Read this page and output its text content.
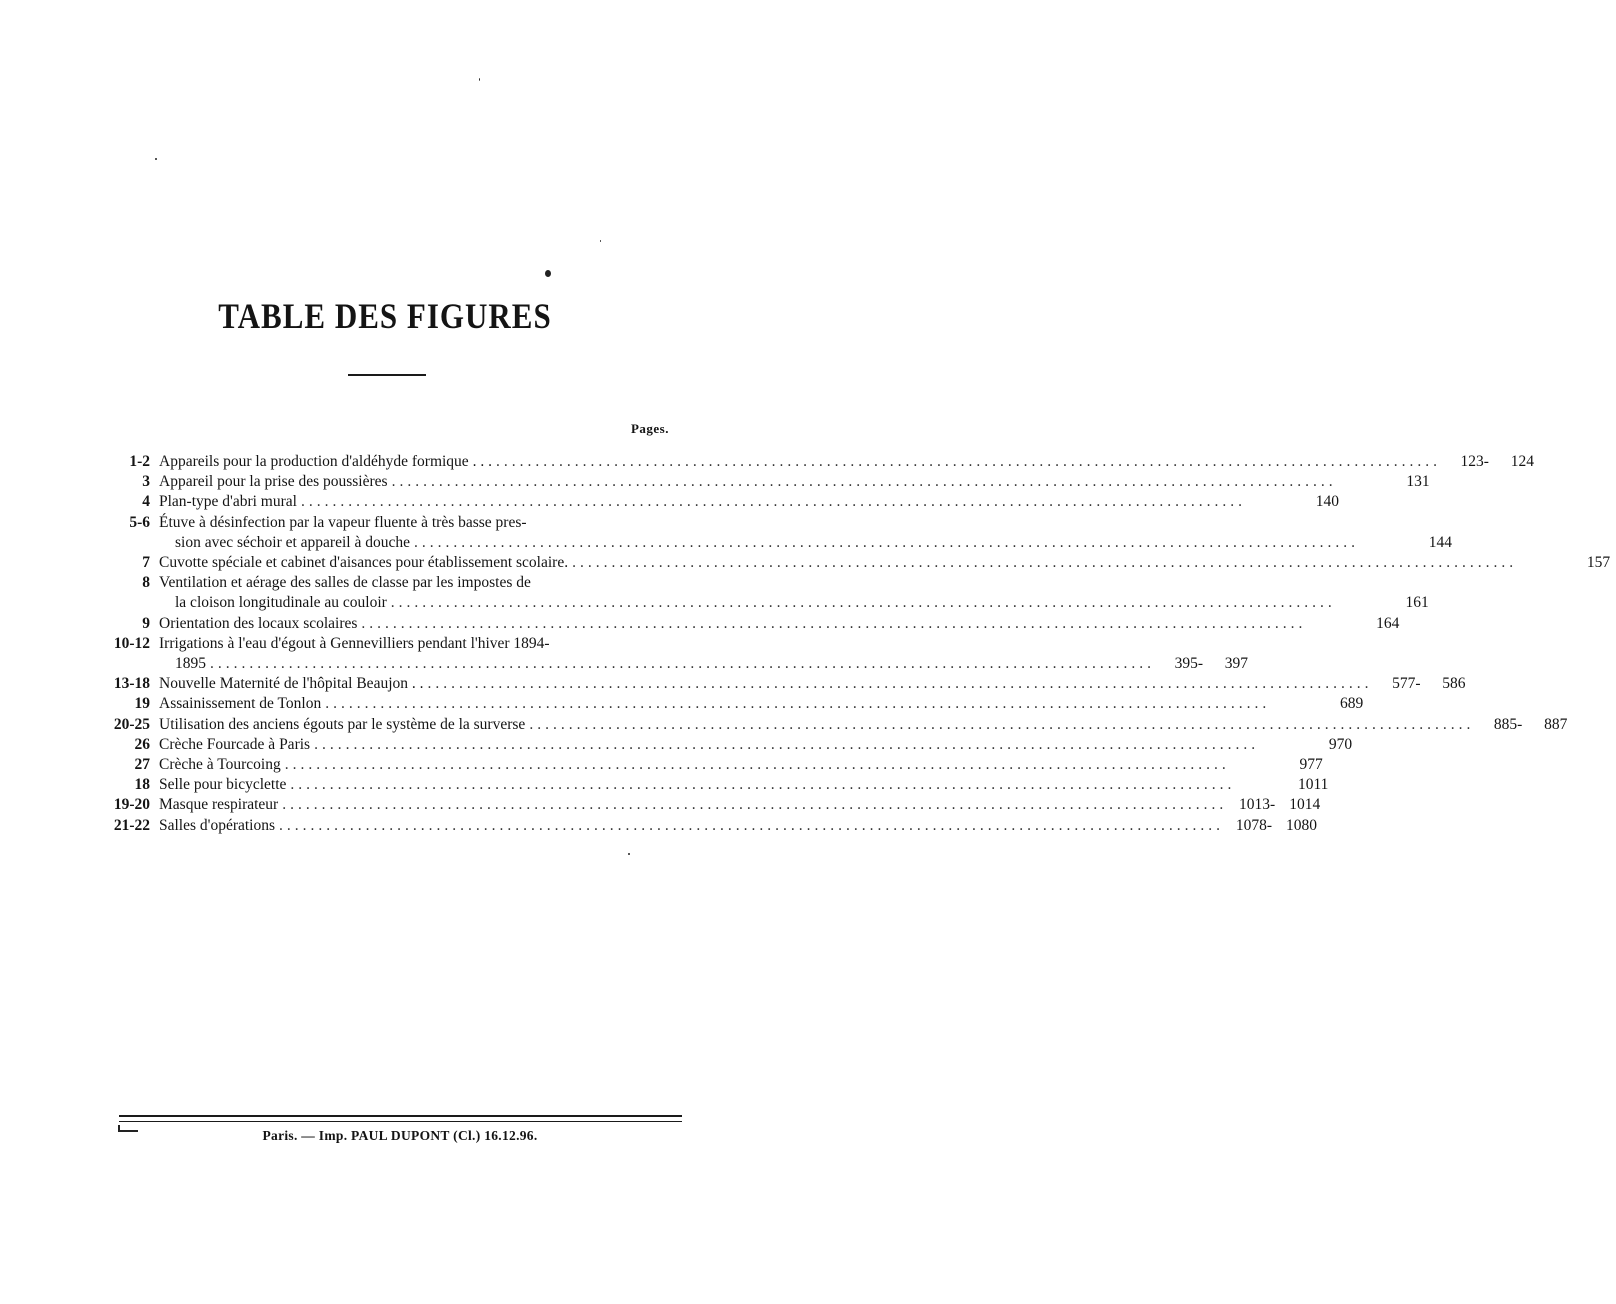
TABLE DES FIGURES
Pages.
1-2 Appareils pour la production d'aldéhyde formique . . . ........................................................................................................................	123-	124
3 Appareil pour la prise des poussières ........................................................................................................................	131
4 Plan-type d'abri mural ........................................................................................................................	140
5-6 Étuve à désinfection par la vapeur fluente à très basse pres-
sion avec séchoir et appareil à douche ........................................................................................................................	144
7 Cuvotte spéciale et cabinet d'aisances pour établissement scolaire. ........................................................................................................................	157
8 Ventilation et aérage des salles de classe par les impostes de
la cloison longitudinale au couloir ........................................................................................................................	161
9 Orientation des locaux scolaires ........................................................................................................................	164
10-12 Irrigations à l'eau d'égout à Gennevilliers pendant l'hiver 1894-
1895 ........................................................................................................................	395-	397
13-18 Nouvelle Maternité de l'hôpital Beaujon . . ........................................................................................................................	577-	586
19 Assainissement de Tonlon ........................................................................................................................	689
20-25 Utilisation des anciens égouts par le système de la surverse ........................................................................................................................	885-	887
26 Crèche Fourcade à Paris ........................................................................................................................	970
27 Crèche à Tourcoing ........................................................................................................................	977
18 Selle pour bicyclette ........................................................................................................................	1011
19-20 Masque respirateur ........................................................................................................................ 1013- 1014
21-22 Salles d'opérations ........................................................................................................................ 1078- 1080
Paris. — Imp. PAUL DUPONT (Cl.) 16.12.96.
